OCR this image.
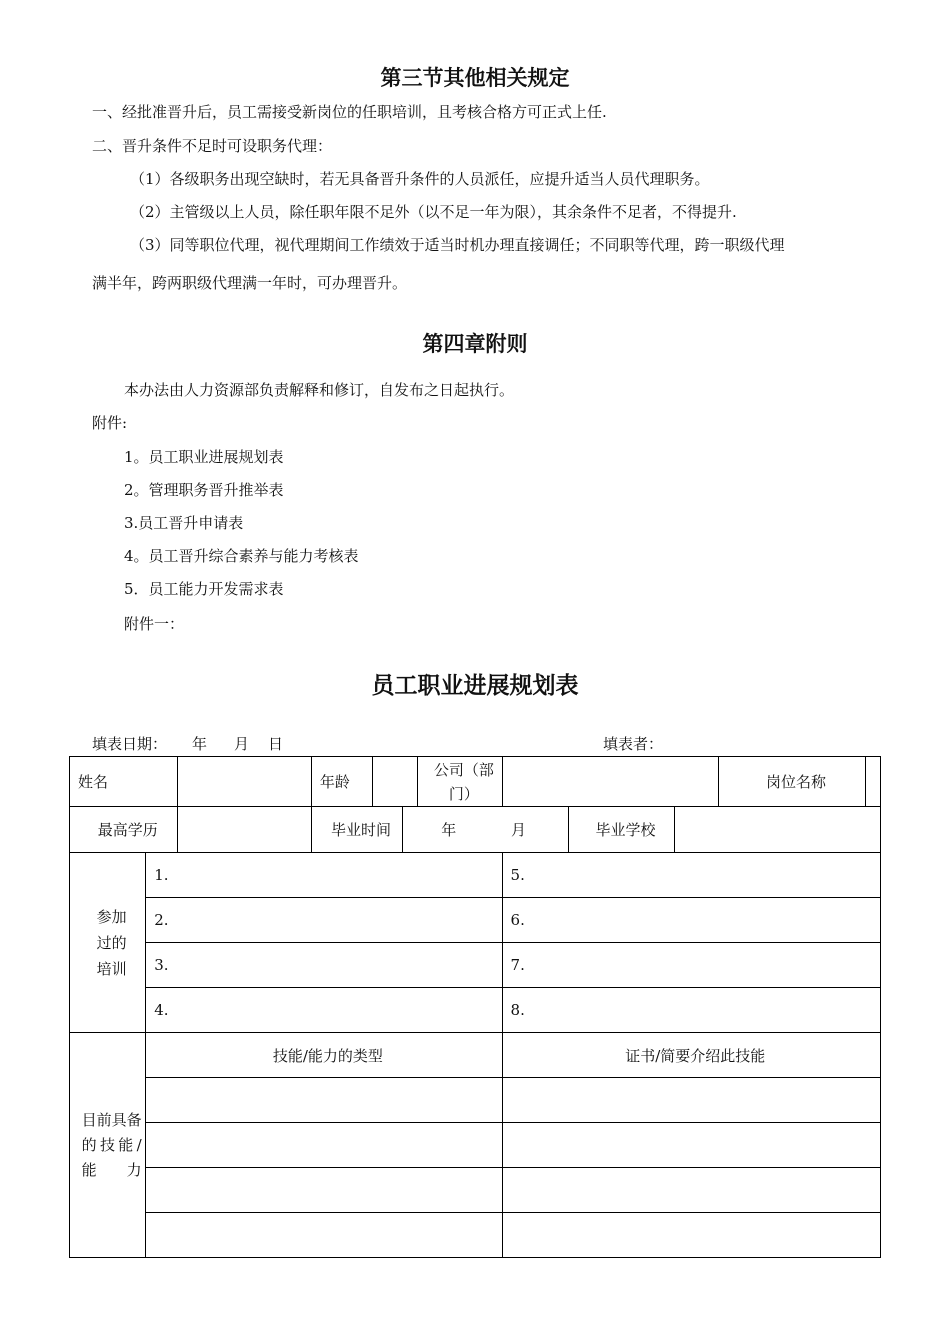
第三节其他相关规定
一、经批准晋升后，员工需接受新岗位的任职培训，且考核合格方可正式上任.
二、晋升条件不足时可设职务代理：
（1）各级职务出现空缺时，若无具备晋升条件的人员派任，应提升适当人员代理职务。
（2）主管级以上人员，除任职年限不足外（以不足一年为限），其余条件不足者，不得提升.
（3）同等职位代理，视代理期间工作绩效于适当时机办理直接调任；不同职等代理，跨一职级代理
满半年，跨两职级代理满一年时，可办理晋升。
第四章附则
本办法由人力资源部负责解释和修订，自发布之日起执行。
附件:
1。员工职业进展规划表
2。管理职务晋升推举表
3.员工晋升申请表
4。员工晋升综合素养与能力考核表
5．员工能力开发需求表
附件一：
员工职业进展规划表
填表日期： 年 月 日	填表者：
姓名			年龄			公司（部门）				岗位名称	
最高学历			毕业时间		年 月			毕业学校			

参加过的培训	1.						5.				
	2.						6.				
	3.						7.				
	4.						8.				

目前具备的技能/能力	技能/能力的类型						证书/简要介绍此技能				
